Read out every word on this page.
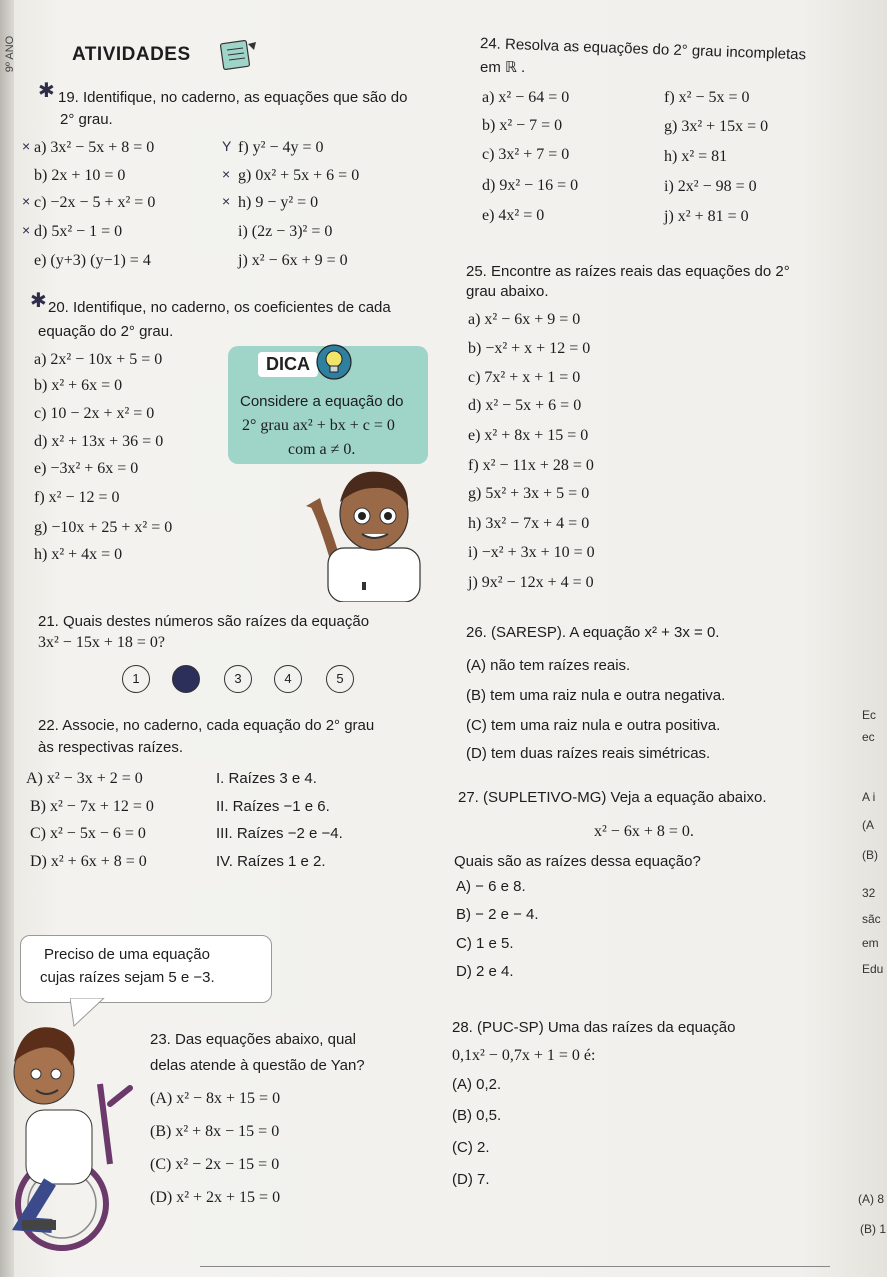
9º ANO	ATIVIDADES
✱ 19. Identifique, no caderno, as equações que são do
2° grau.
× a) 3x² − 5x + 8 = 0
b) 2x + 10 = 0
× c) −2x − 5 + x² = 0
× d) 5x² − 1 = 0
e) (y+3) (y−1) = 4
Y f) y² − 4y = 0
× g) 0x² + 5x + 6 = 0
× h) 9 − y² = 0
i) (2z − 3)² = 0
j) x² − 6x + 9 = 0
✱ 20. Identifique, no caderno, os coeficientes de cada
equação do 2° grau.
a) 2x² − 10x + 5 = 0
b) x² + 6x = 0
c) 10 − 2x + x² = 0
d) x² + 13x + 36 = 0
e) −3x² + 6x = 0
f) x² − 12 = 0
g) −10x + 25 + x² = 0
h) x² + 4x = 0
DICA
Considere a equação do
2° grau ax² + bx + c = 0
com a ≠ 0.
21. Quais destes números são raízes da equação
3x² − 15x + 18 = 0?
1	3	4	5
22. Associe, no caderno, cada equação do 2° grau
às respectivas raízes.
A) x² − 3x + 2 = 0
B) x² − 7x + 12 = 0
C) x² − 5x − 6 = 0
D) x² + 6x + 8 = 0
I. Raízes 3 e 4.
II. Raízes −1 e 6.
III. Raízes −2 e −4.
IV. Raízes 1 e 2.
Preciso de uma equação
cujas raízes sejam 5 e −3.
23. Das equações abaixo, qual
delas atende à questão de Yan?
(A) x² − 8x + 15 = 0
(B) x² + 8x − 15 = 0
(C) x² − 2x − 15 = 0
(D) x² + 2x + 15 = 0
24. Resolva as equações do 2° grau incompletas
em ℝ .
a) x² − 64 = 0
b) x² − 7 = 0
c) 3x² + 7 = 0
d) 9x² − 16 = 0
e) 4x² = 0
f) x² − 5x = 0
g) 3x² + 15x = 0
h) x² = 81
i) 2x² − 98 = 0
j) x² + 81 = 0
25. Encontre as raízes reais das equações do 2°
grau abaixo.
a) x² − 6x + 9 = 0
b) −x² + x + 12 = 0
c) 7x² + x + 1 = 0
d) x² − 5x + 6 = 0
e) x² + 8x + 15 = 0
f) x² − 11x + 28 = 0
g) 5x² + 3x + 5 = 0
h) 3x² − 7x + 4 = 0
i) −x² + 3x + 10 = 0
j) 9x² − 12x + 4 = 0
26. (SARESP). A equação x² + 3x = 0.
(A) não tem raízes reais.
(B) tem uma raiz nula e outra negativa.
(C) tem uma raiz nula e outra positiva.
(D) tem duas raízes reais simétricas.
27. (SUPLETIVO-MG) Veja a equação abaixo.
x² − 6x + 8 = 0.
Quais são as raízes dessa equação?
A) − 6 e 8.
B) − 2 e − 4.
C) 1 e 5.
D) 2 e 4.
28. (PUC-SP) Uma das raízes da equação
0,1x² − 0,7x + 1 = 0 é:
(A) 0,2.
(B) 0,5.
(C) 2.
(D) 7.
Ec
ec
A i
(A
(B)
32
sãc
em
Edu
(A) 8
(B) 1
